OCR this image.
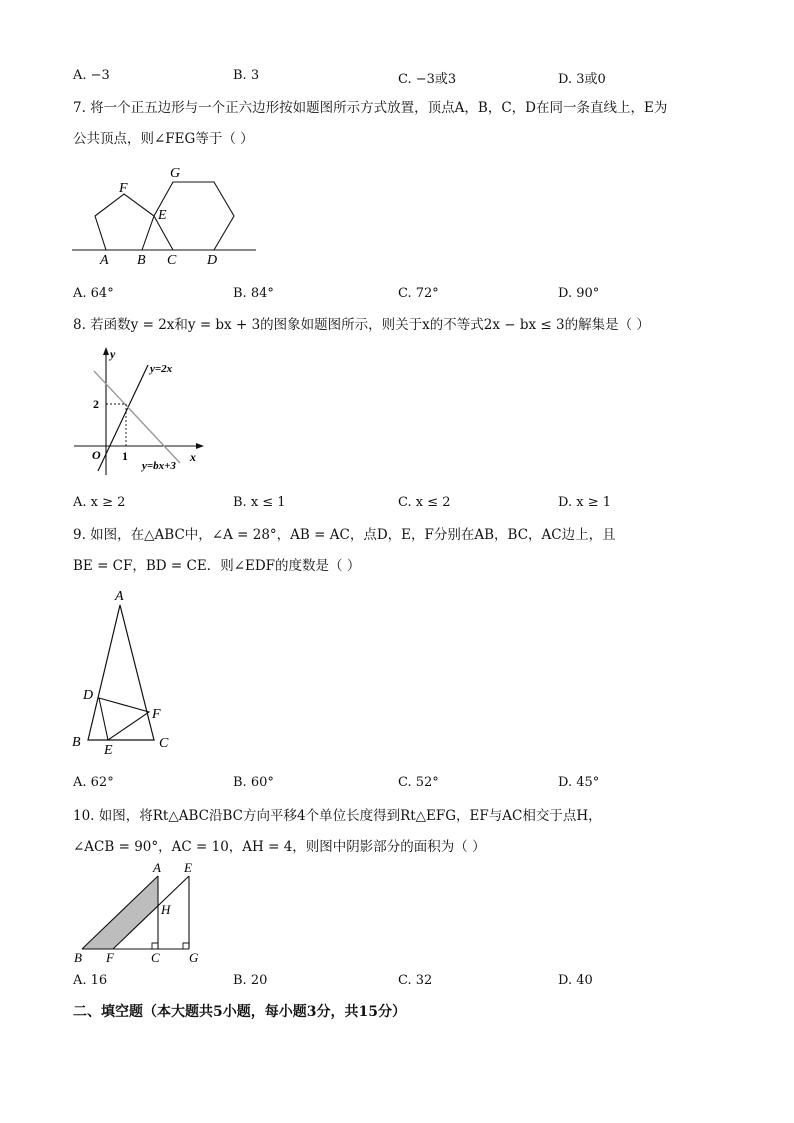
A. −3	B. 3	C. −3或3	D. 3或0
7. 将一个正五边形与一个正六边形按如题图所示方式放置，顶点A，B，C，D在同一条直线上，E为
公共顶点，则∠FEG等于（ ）
F
G
E
A B C D
A. 64°	B. 84°	C. 72°	D. 90°
8. 若函数y = 2x和y = bx + 3的图象如题图所示，则关于x的不等式2x − bx ≤ 3的解集是（ ）
y
x
O
2
1
y=2x
y=bx+3
A. x ≥ 2	B. x ≤ 1	C. x ≤ 2	D. x ≥ 1
9. 如图，在△ABC中，∠A = 28°，AB = AC，点D，E，F分别在AB，BC，AC边上，且
BE = CF，BD = CE．则∠EDF的度数是（ ）
A
B	C
D
E
F
A. 62°	B. 60°	C. 52°	D. 45°
10. 如图，将Rt△ABC沿BC方向平移4个单位长度得到Rt△EFG，EF与AC相交于点H，
∠ACB = 90°，AC = 10，AH = 4，则图中阴影部分的面积为（ ）
A E
H
B F	C G
A. 16	B. 20	C. 32	D. 40
二、填空题（本大题共5小题，每小题3分，共15分）
